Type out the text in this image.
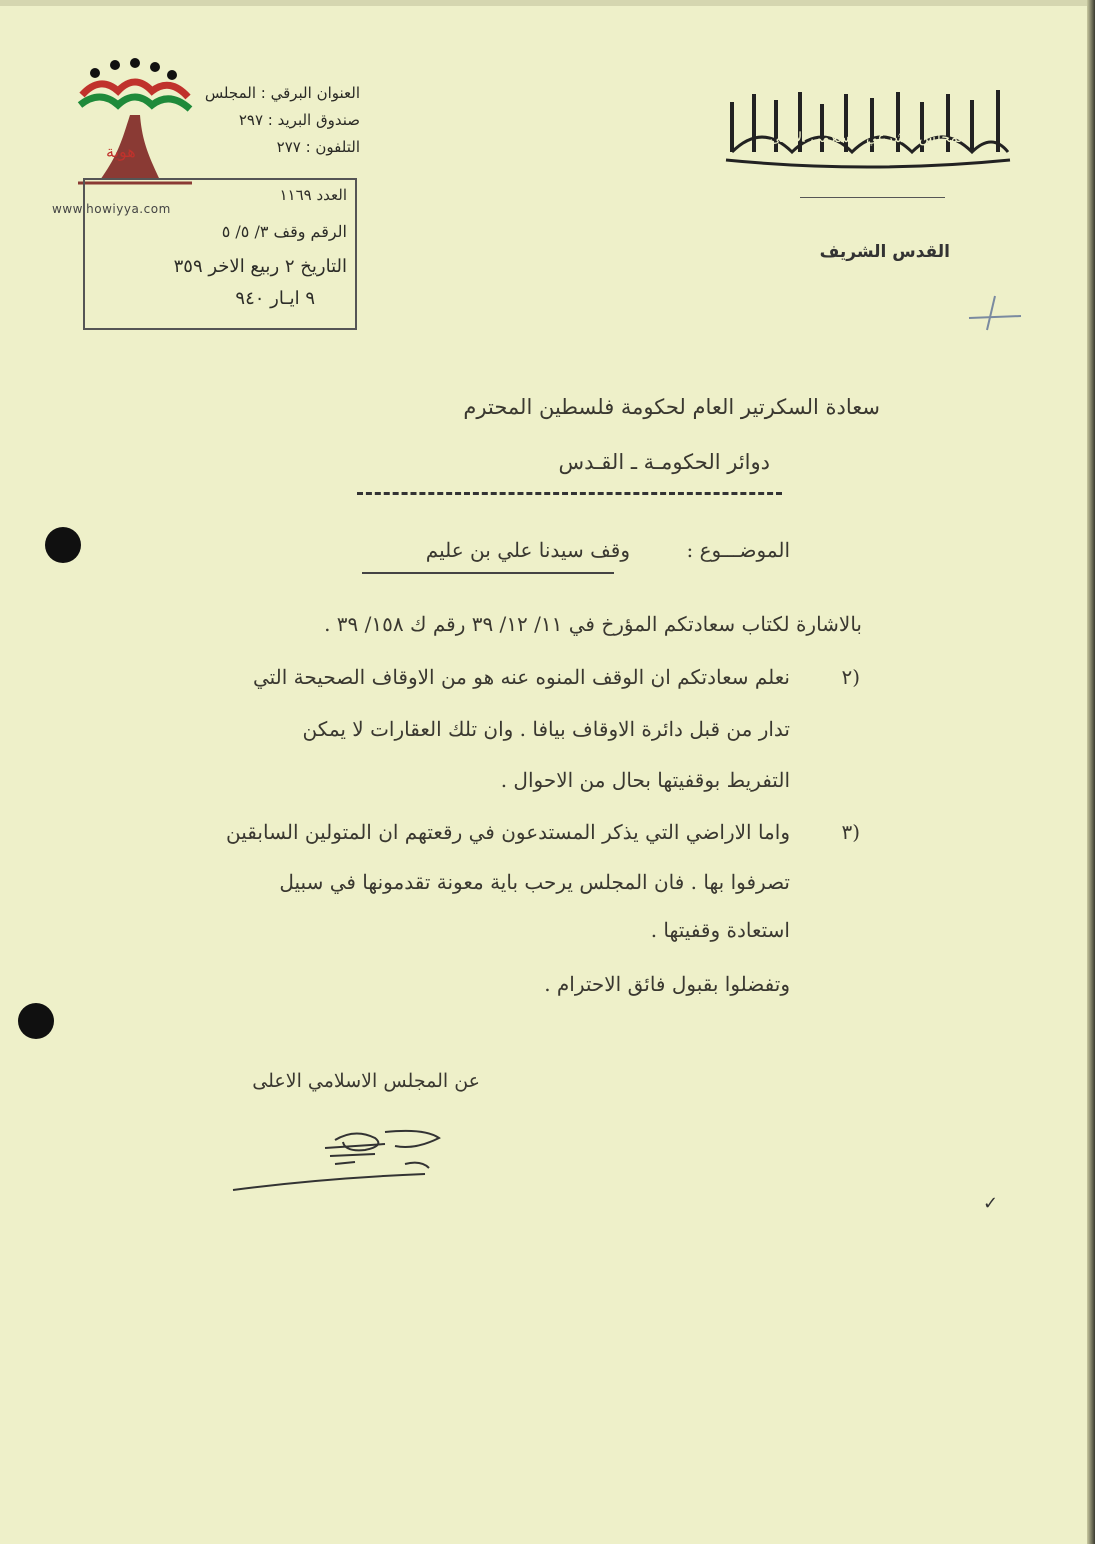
هوية
العنوان البرقي : المجلس
صندوق البريد : ٢٩٧
التلفون : ٢٧٧
www.howiyya.com
العدد ١١٦٩
الرقم وقف ٣/ ٥/ ٥
التاريخ ٢ ربيع الاخر ٣٥٩
٩ ايـار ٩٤٠
المجلس الشرعي الاسلامي الاعلى
القدس الشريف
سعادة السكرتير العام لحكومة فلسطين المحترم
دوائر الحكومـة ـ القـدس
الموضـــوع :
وقف سيدنا علي بن عليم
بالاشارة لكتاب سعادتكم المؤرخ في ١١/ ١٢/ ٣٩ رقم ك ١٥٨/ ٣٩ .
٢)
نعلم سعادتكم ان الوقف المنوه عنه هو من الاوقاف الصحيحة التي
تدار من قبل دائرة الاوقاف بيافا . وان تلك العقارات لا يمكن
التفريط بوقفيتها بحال من الاحوال .
٣)
واما الاراضي التي يذكر المستدعون في رقعتهم ان المتولين السابقين
تصرفوا بها . فان المجلس يرحب باية معونة تقدمونها في سبيل
استعادة وقفيتها .
وتفضلوا بقبول فائق الاحترام .
عن المجلس الاسلامي الاعلى
✓
